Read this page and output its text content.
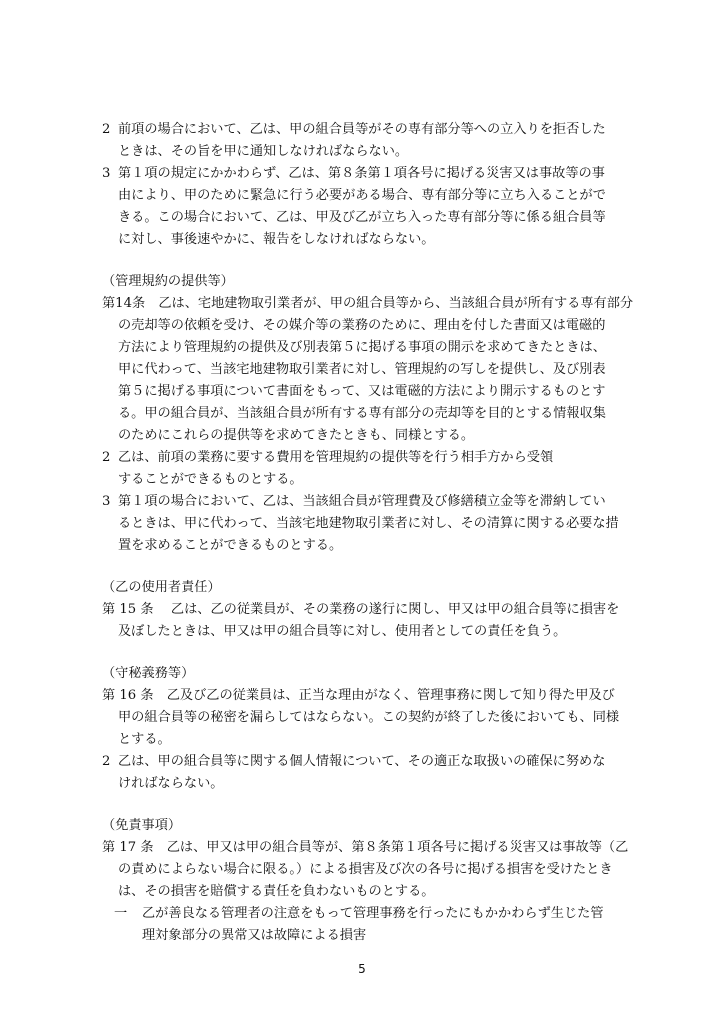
2 前項の場合において、乙は、甲の組合員等がその専有部分等への立入りを拒否した
ときは、その旨を甲に通知しなければならない。
3 第１項の規定にかかわらず、乙は、第８条第１項各号に掲げる災害又は事故等の事
由により、甲のために緊急に行う必要がある場合、専有部分等に立ち入ることがで
きる。この場合において、乙は、甲及び乙が立ち入った専有部分等に係る組合員等
に対し、事後速やかに、報告をしなければならない。
（管理規約の提供等）
第14条　乙は、宅地建物取引業者が、甲の組合員等から、当該組合員が所有する専有部分
の売却等の依頼を受け、その媒介等の業務のために、理由を付した書面又は電磁的
方法により管理規約の提供及び別表第５に掲げる事項の開示を求めてきたときは、
甲に代わって、当該宅地建物取引業者に対し、管理規約の写しを提供し、及び別表
第５に掲げる事項について書面をもって、又は電磁的方法により開示するものとす
る。甲の組合員が、当該組合員が所有する専有部分の売却等を目的とする情報収集
のためにこれらの提供等を求めてきたときも、同様とする。
2 乙は、前項の業務に要する費用を管理規約の提供等を行う相手方から受領
することができるものとする。
3 第１項の場合において、乙は、当該組合員が管理費及び修繕積立金等を滞納してい
るときは、甲に代わって、当該宅地建物取引業者に対し、その清算に関する必要な措
置を求めることができるものとする。
（乙の使用者責任）
第 15 条　 乙は、乙の従業員が、その業務の遂行に関し、甲又は甲の組合員等に損害を
及ぼしたときは、甲又は甲の組合員等に対し、使用者としての責任を負う。
（守秘義務等）
第 16 条　乙及び乙の従業員は、正当な理由がなく、管理事務に関して知り得た甲及び
甲の組合員等の秘密を漏らしてはならない。この契約が終了した後においても、同様
とする。
2 乙は、甲の組合員等に関する個人情報について、その適正な取扱いの確保に努めな
ければならない。
（免責事項）
第 17 条　乙は、甲又は甲の組合員等が、第８条第１項各号に掲げる災害又は事故等（乙
の責めによらない場合に限る。）による損害及び次の各号に掲げる損害を受けたとき
は、その損害を賠償する責任を負わないものとする。
一 乙が善良なる管理者の注意をもって管理事務を行ったにもかかわらず生じた管
理対象部分の異常又は故障による損害
5
